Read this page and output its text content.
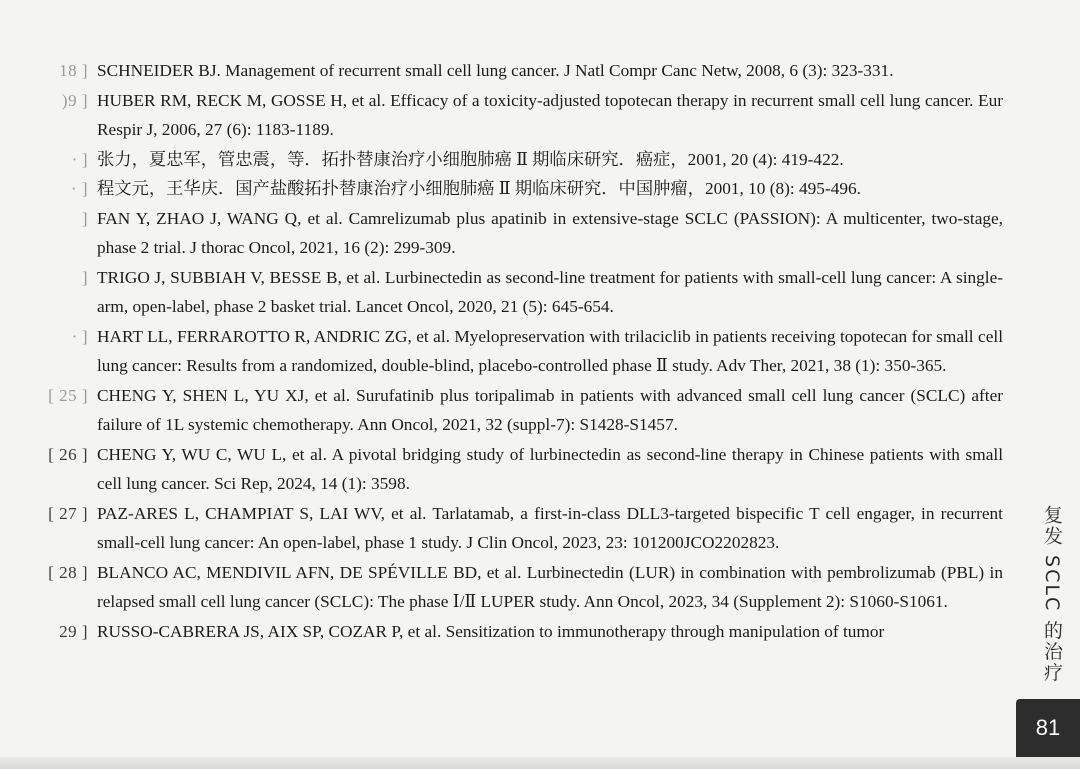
18 ] SCHNEIDER BJ. Management of recurrent small cell lung cancer. J Natl Compr Canc Netw, 2008, 6 (3): 323-331.
)9 ] HUBER RM, RECK M, GOSSE H, et al. Efficacy of a toxicity-adjusted topotecan therapy in recurrent small cell lung cancer. Eur Respir J, 2006, 27 (6): 1183-1189.
∙ ] 张力，夏忠军，管忠震，等．拓扑替康治疗小细胞肺癌 Ⅱ 期临床研究．癌症，2001, 20 (4): 419-422.
· ] 程文元，王华庆．国产盐酸拓扑替康治疗小细胞肺癌 Ⅱ 期临床研究．中国肿瘤，2001, 10 (8): 495-496.
] FAN Y, ZHAO J, WANG Q, et al. Camrelizumab plus apatinib in extensive-stage SCLC (PASSION): A multicenter, two-stage, phase 2 trial. J thorac Oncol, 2021, 16 (2): 299-309.
] TRIGO J, SUBBIAH V, BESSE B, et al. Lurbinectedin as second-line treatment for patients with small-cell lung cancer: A single-arm, open-label, phase 2 basket trial. Lancet Oncol, 2020, 21 (5): 645-654.
∙ ] HART LL, FERRAROTTO R, ANDRIC ZG, et al. Myelopreservation with trilaciclib in patients receiving topotecan for small cell lung cancer: Results from a randomized, double-blind, placebo-controlled phase Ⅱ study. Adv Ther, 2021, 38 (1): 350-365.
[ 25 ] CHENG Y, SHEN L, YU XJ, et al. Surufatinib plus toripalimab in patients with advanced small cell lung cancer (SCLC) after failure of 1L systemic chemotherapy. Ann Oncol, 2021, 32 (suppl-7): S1428-S1457.
[ 26 ] CHENG Y, WU C, WU L, et al. A pivotal bridging study of lurbinectedin as second-line therapy in Chinese patients with small cell lung cancer. Sci Rep, 2024, 14 (1): 3598.
[ 27 ] PAZ-ARES L, CHAMPIAT S, LAI WV, et al. Tarlatamab, a first-in-class DLL3-targeted bispecific T cell engager, in recurrent small-cell lung cancer: An open-label, phase 1 study. J Clin Oncol, 2023, 23: 101200JCO2202823.
[ 28 ] BLANCO AC, MENDIVIL AFN, DE SPÉVILLE BD, et al. Lurbinectedin (LUR) in combination with pembrolizumab (PBL) in relapsed small cell lung cancer (SCLC): The phase Ⅰ/Ⅱ LUPER study. Ann Oncol, 2023, 34 (Supplement 2): S1060-S1061.
29 ] RUSSO-CABRERA JS, AIX SP, COZAR P, et al. Sensitization to immunotherapy through manipulation of tumor	复发 SCLC 的治疗
81
